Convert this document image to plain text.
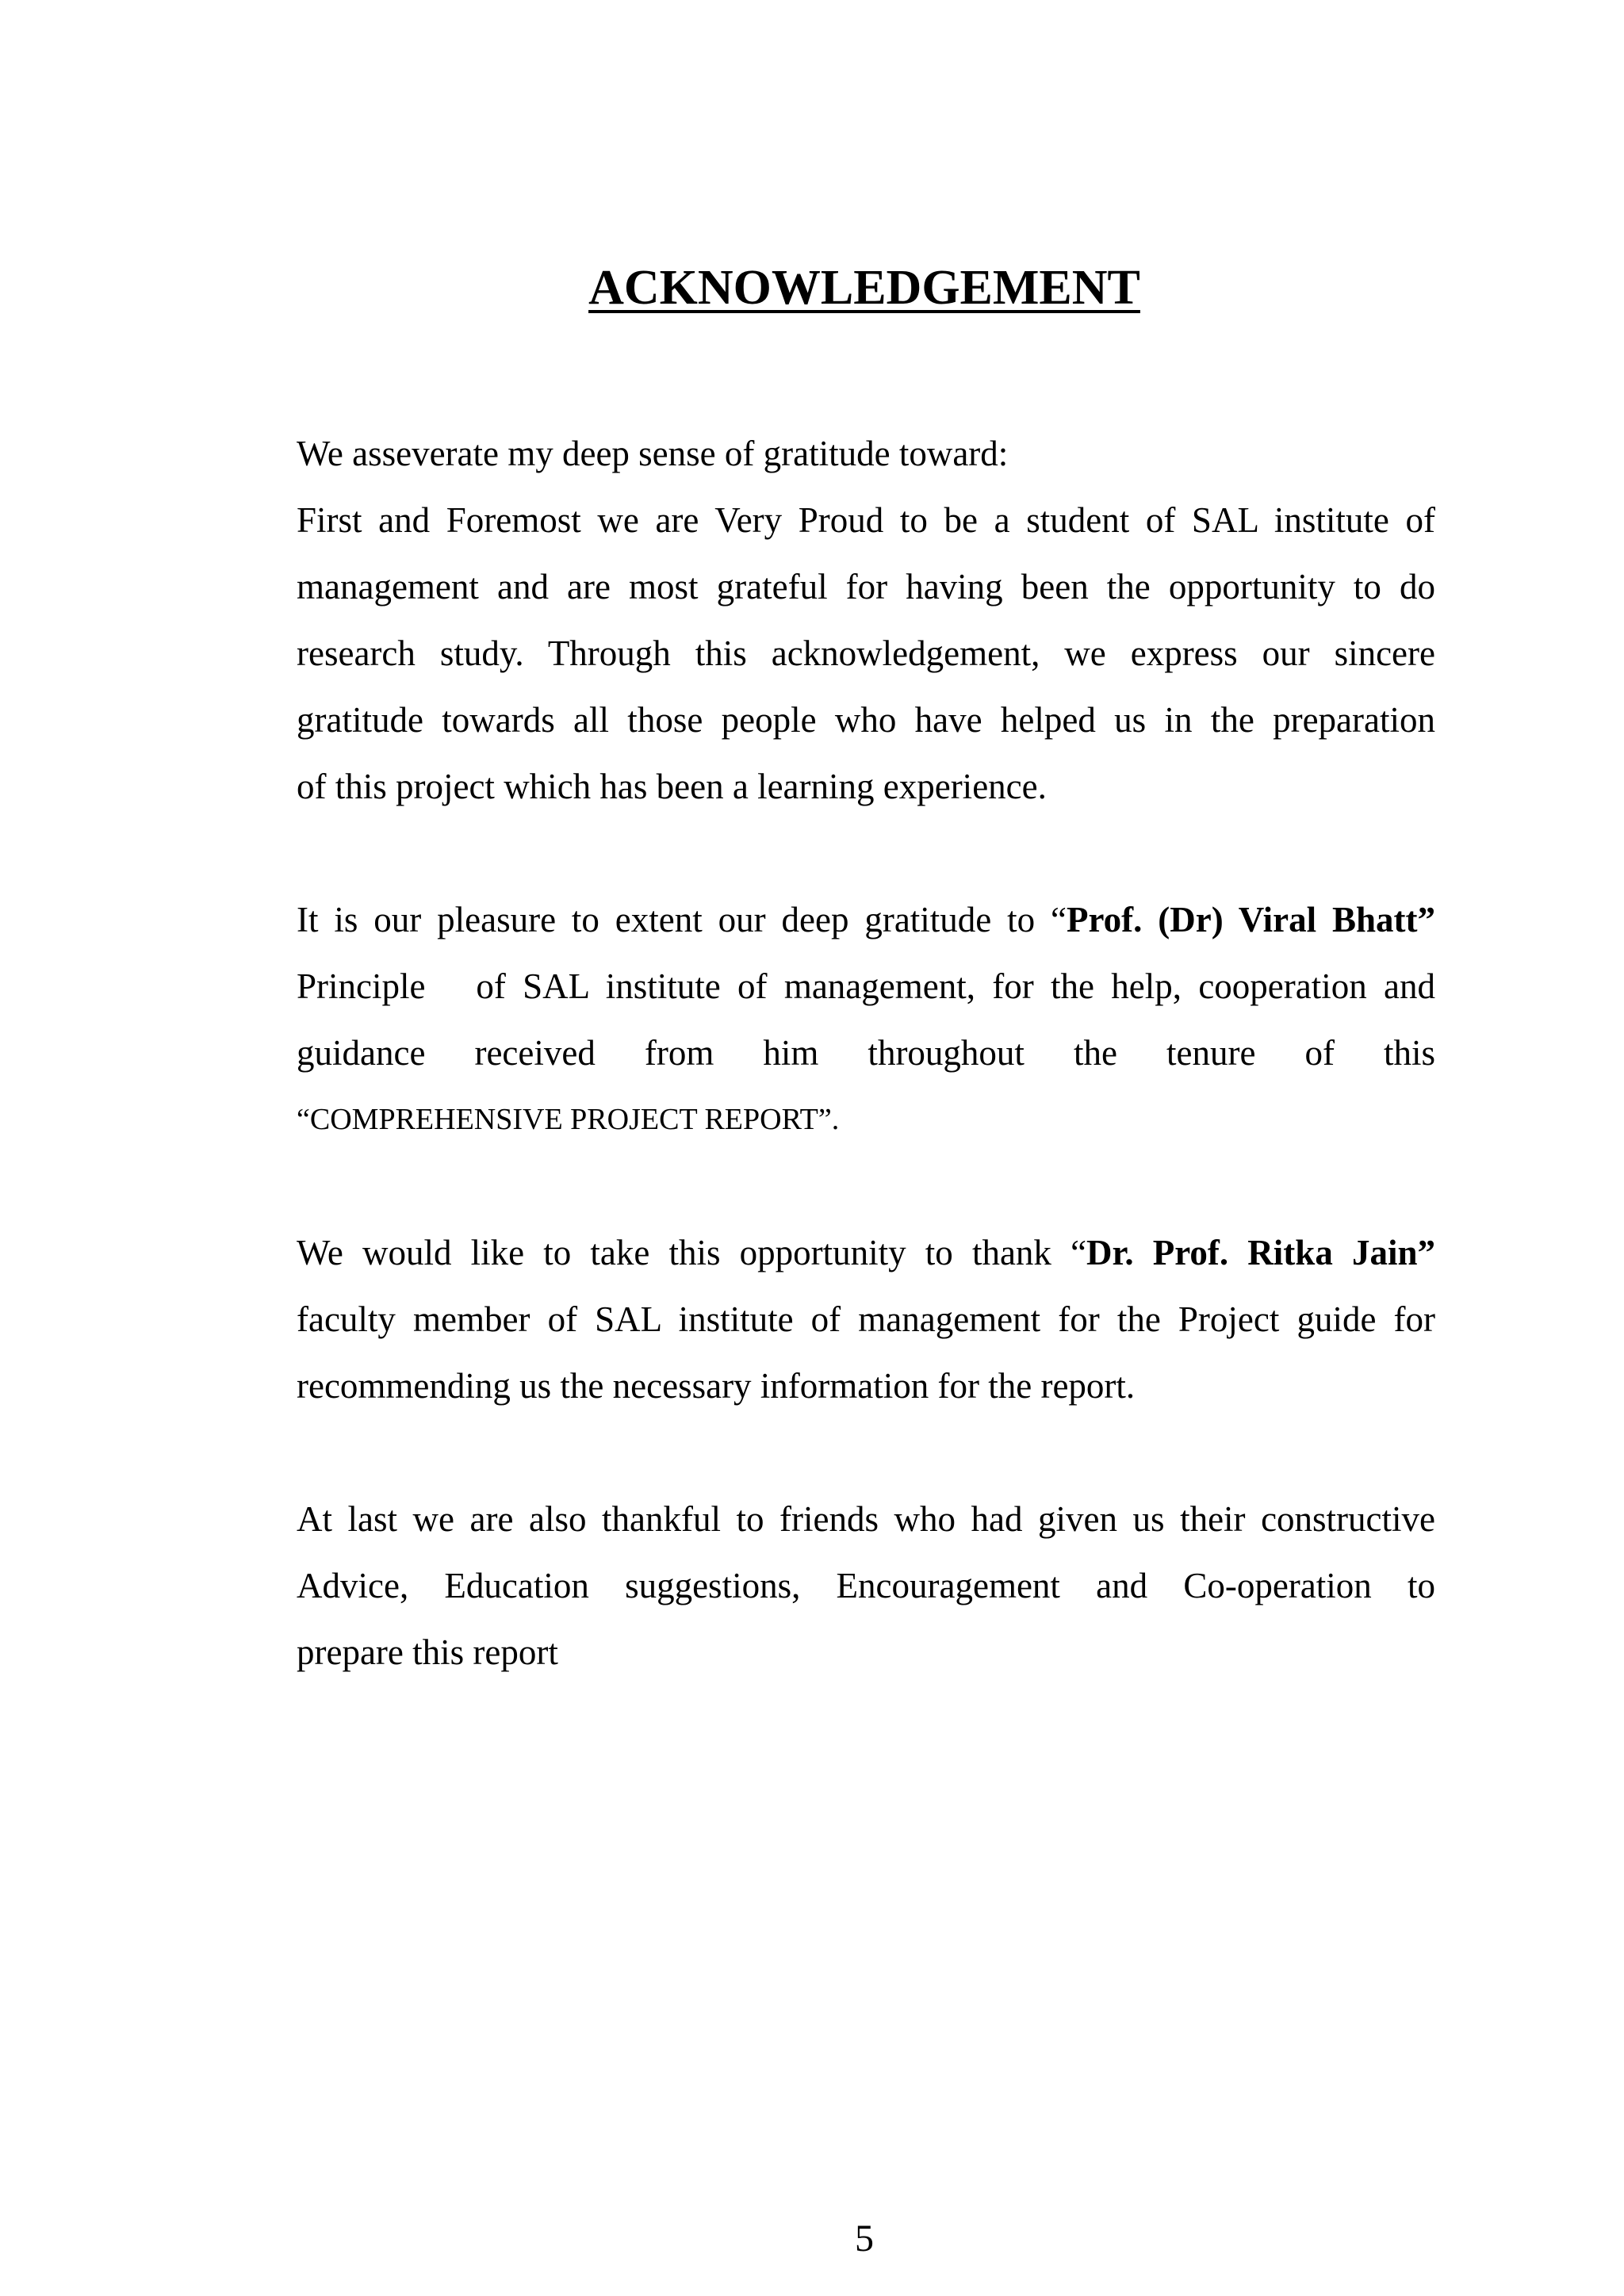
ACKNOWLEDGEMENT
We asseverate my deep sense of gratitude toward:
First and Foremost we are Very Proud to be a student of SAL institute of
management and are most grateful for having been the opportunity to do
research study. Through this acknowledgement, we express our sincere
gratitude towards all those people who have helped us in the preparation
of this project which has been a learning experience.
It is our pleasure to extent our deep gratitude to “Prof. (Dr) Viral Bhatt”
Principle   of SAL institute of management, for the help, cooperation and
guidance received from him throughout the tenure of this
“COMPREHENSIVE PROJECT REPORT”.
We would like to take this opportunity to thank “Dr. Prof. Ritka Jain”
faculty member of SAL institute of management for the Project guide for
recommending us the necessary information for the report.
At last we are also thankful to friends who had given us their constructive
Advice, Education suggestions, Encouragement and Co-operation to
prepare this report
5
